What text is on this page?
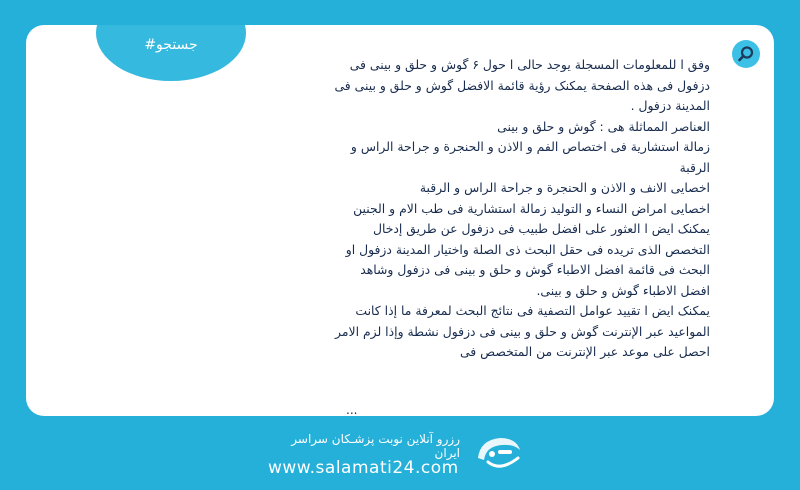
#جستجو

وفق ا للمعلومات المسجلة يوجد حالى ا حول ۶ گوش و حلق و بينی فی دزفول فی هذه الصفحة يمكنک رؤية قائمة الافضل گوش و حلق و بينی فی المدينة دزفول .

العناصر المماثلة هی : گوش و حلق و بينی

زمالة استشارية فی اختصاص الفم و الاذن و الحنجرة و جراحة الراس و الرقبة

اخصايی الانف و الاذن و الحنجرة و جراحة الراس و الرقبة

اخصايی امراض النساء و التوليد زمالة استشارية فی طب الام و الجنين

يمكنک ايض ا العثور على افضل طبيب فی دزفول عن طريق إدخال التخصص الذی تريده فی حقل البحث ذی الصلة واختيار المدينة دزفول او البحث فی قائمة افضل الاطباء گوش و حلق و بينی فی دزفول وشاهد افضل الاطباء گوش و حلق و بينی.

يمكنک ايض ا تقييد عوامل التصفية فی نتائج البحث لمعرفة ما إذا كانت المواعيد عبر الإنترنت گوش و حلق و بينی فی دزفول نشطة وإذا لزم الامر احصل على موعد عبر الإنترنت من المتخصص فی

...
رزرو آنلاین نوبت پزشـکان سراسر ایران
www.salamati24.com
